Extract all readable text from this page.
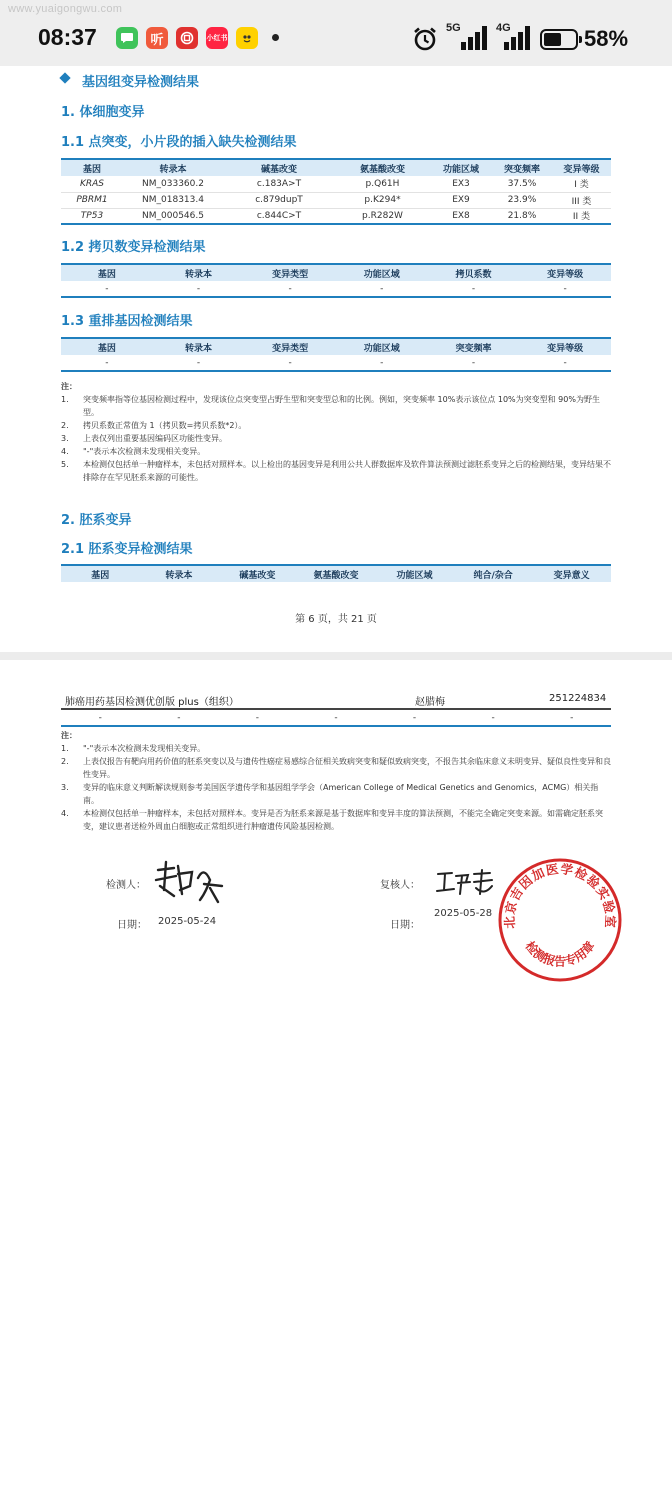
www.yuaigongwu.com
08:37	听	小红书
5G	4G	58%
基因组变异检测结果
1. 体细胞变异
1.1 点突变，小片段的插入缺失检测结果
基因	转录本	碱基改变	氨基酸改变	功能区域	突变频率	变异等级
KRAS	NM_033360.2	c.183A>T	p.Q61H	EX3	37.5%	I 类
PBRM1	NM_018313.4	c.879dupT	p.K294*	EX9	23.9%	III 类
TP53	NM_000546.5	c.844C>T	p.R282W	EX8	21.8%	II 类
1.2 拷贝数变异检测结果
基因	转录本	变异类型	功能区域	拷贝系数	变异等级
-	-	-	-	-	-
1.3 重排基因检测结果
基因	转录本	变异类型	功能区域	突变频率	变异等级
-	-	-	-	-	-
注：
1.	突变频率指等位基因检测过程中，发现该位点突变型占野生型和突变型总和的比例。例如，突变频率 10%表示该位点 10%为突变型和 90%为野生型。
2.	拷贝系数正常值为 1（拷贝数=拷贝系数*2）。
3.	上表仅列出重要基因编码区功能性变异。
4.	"-"表示本次检测未发现相关变异。
5.	本检测仅包括单一肿瘤样本，未包括对照样本。以上检出的基因变异是利用公共人群数据库及软件算法预测过滤胚系变异之后的检测结果，变异结果不排除存在罕见胚系来源的可能性。
2. 胚系变异
2.1 胚系变异检测结果
基因	转录本	碱基改变	氨基酸改变	功能区域	纯合/杂合	变异意义
第 6 页，共 21 页
肺癌用药基因检测优创版 plus（组织）	赵腊梅	251224834
-	-	-	-	-	-	-
注：
1.	"-"表示本次检测未发现相关变异。
2.	上表仅报告有靶向用药价值的胚系突变以及与遗传性癌症易感综合征相关致病突变和疑似致病突变，不报告其余临床意义未明变异、疑似良性变异和良性变异。
3.	变异的临床意义判断解读规则参考美国医学遗传学和基因组学学会（American College of Medical Genetics and Genomics，ACMG）相关指南。
4.	本检测仅包括单一肿瘤样本，未包括对照样本。变异是否为胚系来源是基于数据库和变异丰度的算法预测，不能完全确定突变来源。如需确定胚系突变，建议患者送检外周血白细胞或正常组织进行肿瘤遗传风险基因检测。
检测人：
日期： 2025-05-24
复核人：
2025-05-28
日期：	北京吉因加医学检验实验室
检测报告专用章
